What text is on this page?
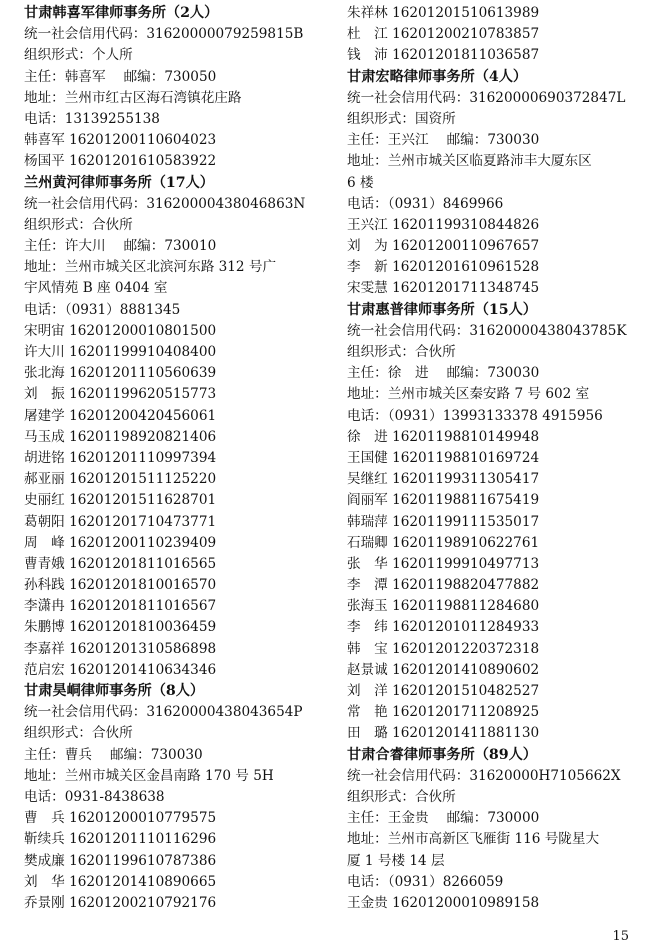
甘肃韩喜军律师事务所（2人）
统一社会信用代码：31620000079259815B
组织形式：个人所
主任：韩喜军 邮编：730050
地址：兰州市红古区海石湾镇花庄路
电话：13139255138
韩喜军 16201200110604023
杨国平 16201201610583922
兰州黄河律师事务所（17人）
统一社会信用代码：31620000438046863N
组织形式：合伙所
主任：许大川 邮编：730010
地址：兰州市城关区北滨河东路 312 号广
宇风情苑 B 座 0404 室
电话：（0931）8881345
宋明宙 16201200010801500
许大川 16201199910408400
张北海 16201201110560639
刘　振 16201199620515773
屠建学 16201200420456061
马玉成 16201198920821406
胡进铭 16201201110997394
郝亚丽 16201201511125220
史丽红 16201201511628701
葛朝阳 16201201710473771
周　峰 16201200110239409
曹青娥 16201201811016565
孙科践 16201201810016570
李潇冉 16201201811016567
朱鹏博 16201201810036459
李嘉祥 16201201310586898
范启宏 16201201410634346
甘肃昊峒律师事务所（8人）
统一社会信用代码：31620000438043654P
组织形式：合伙所
主任：曹兵 邮编：730030
地址：兰州市城关区金昌南路 170 号 5H
电话：0931-8438638
曹　兵 16201200010779575
靳续兵 16201201110116296
樊成廉 16201199610787386
刘　华 16201201410890665
乔景刚 16201200210792176
朱祥林 16201201510613989
杜　江 16201200210783857
钱　沛 16201201811036587
甘肃宏略律师事务所（4人）
统一社会信用代码：31620000690372847L
组织形式：国资所
主任：王兴江 邮编：730030
地址：兰州市城关区临夏路沛丰大厦东区
6 楼
电话：（0931）8469966
王兴江 16201199310844826
刘　为 16201200110967657
李　新 16201201610961528
宋雯慧 16201201711348745
甘肃惠普律师事务所（15人）
统一社会信用代码：31620000438043785K
组织形式：合伙所
主任：徐　进 邮编：730030
地址：兰州市城关区秦安路 7 号 602 室
电话：（0931）13993133378 4915956
徐　进 16201198810149948
王国健 16201198810169724
吴继红 16201199311305417
阎丽军 16201198811675419
韩瑞萍 16201199111535017
石瑞卿 16201198910622761
张　华 16201199910497713
李　潭 16201198820477882
张海玉 16201198811284680
李　纬 16201201011284933
韩　宝 16201201220372318
赵景诚 16201201410890602
刘　洋 16201201510482527
常　艳 16201201711208925
田　璐 16201201411881130
甘肃合睿律师事务所（89人）
统一社会信用代码：31620000H7105662X
组织形式：合伙所
主任：王金贵 邮编：730000
地址：兰州市高新区飞雁街 116 号陇星大
厦 1 号楼 14 层
电话：（0931）8266059
王金贵 16201200010989158
15
